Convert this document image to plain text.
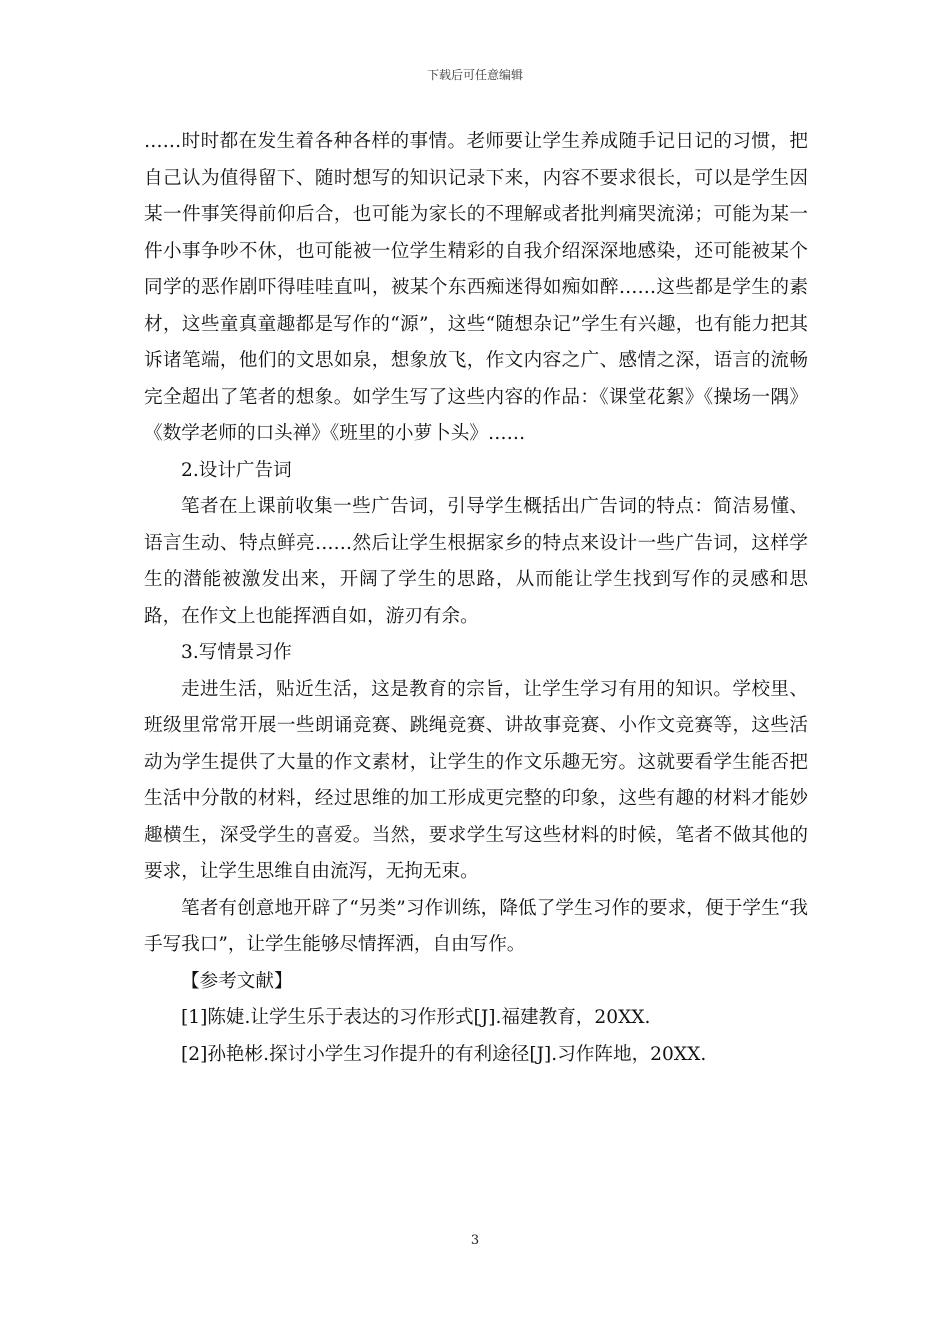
下载后可任意编辑

……时时都在发生着各种各样的事情。老师要让学生养成随手记日记的习惯，把自己认为值得留下、随时想写的知识记录下来，内容不要求很长，可以是学生因某一件事笑得前仰后合，也可能为家长的不理解或者批判痛哭流涕；可能为某一件小事争吵不休，也可能被一位学生精彩的自我介绍深深地感染，还可能被某个同学的恶作剧吓得哇哇直叫，被某个东西痴迷得如痴如醉……这些都是学生的素材，这些童真童趣都是写作的“源”，这些“随想杂记”学生有兴趣，也有能力把其诉诸笔端，他们的文思如泉，想象放飞，作文内容之广、感情之深，语言的流畅完全超出了笔者的想象。如学生写了这些内容的作品：《课堂花絮》《操场一隅》《数学老师的口头禅》《班里的小萝卜头》……

2.设计广告词

笔者在上课前收集一些广告词，引导学生概括出广告词的特点：简洁易懂、语言生动、特点鲜亮……然后让学生根据家乡的特点来设计一些广告词，这样学生的潜能被激发出来，开阔了学生的思路，从而能让学生找到写作的灵感和思路，在作文上也能挥洒自如，游刃有余。

3.写情景习作

走进生活，贴近生活，这是教育的宗旨，让学生学习有用的知识。学校里、班级里常常开展一些朗诵竞赛、跳绳竞赛、讲故事竞赛、小作文竞赛等，这些活动为学生提供了大量的作文素材，让学生的作文乐趣无穷。这就要看学生能否把生活中分散的材料，经过思维的加工形成更完整的印象，这些有趣的材料才能妙趣横生，深受学生的喜爱。当然，要求学生写这些材料的时候，笔者不做其他的要求，让学生思维自由流泻，无拘无束。

笔者有创意地开辟了“另类”习作训练，降低了学生习作的要求，便于学生“我手写我口”，让学生能够尽情挥洒，自由写作。

【参考文献】

[1]陈婕.让学生乐于表达的习作形式[J].福建教育，20XX.

[2]孙艳彬.探讨小学生习作提升的有利途径[J].习作阵地，20XX.

3
